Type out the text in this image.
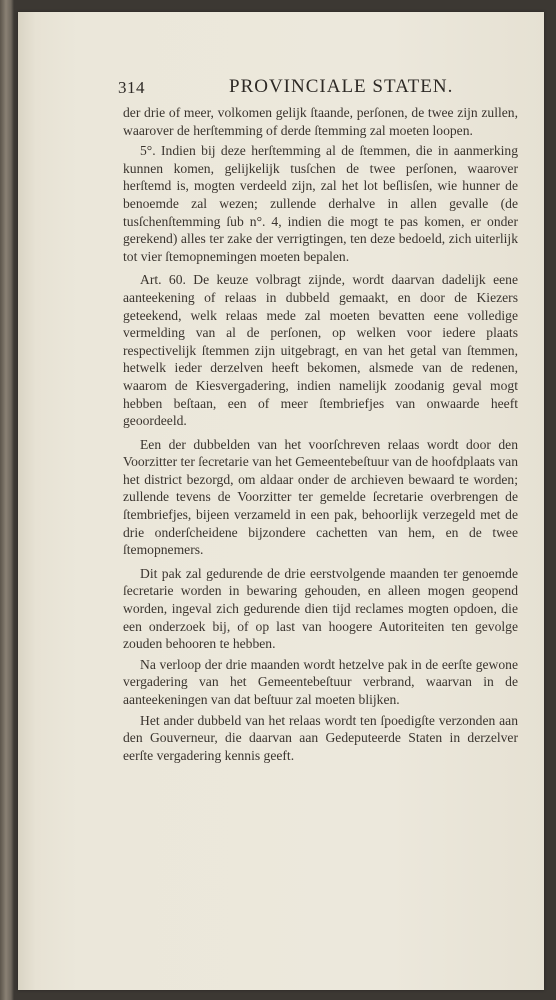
314	PROVINCIALE STATEN.

der drie of meer, volkomen gelijk ſtaande, perſonen, de twee zijn zullen, waarover de herſtemming of derde ſtemming zal moeten loopen.

5°. Indien bij deze herſtemming al de ſtemmen, die in aanmerking kunnen komen, gelijkelijk tusſchen de twee perſonen, waarover herſtemd is, mogten verdeeld zijn, zal het lot beſlisſen, wie hunner de benoemde zal wezen; zullende derhalve in allen gevalle (de tusſchenſtemming ſub n°. 4, indien die mogt te pas komen, er onder gerekend) alles ter zake der verrigtingen, ten deze bedoeld, zich uiterlijk tot vier ſtemopnemingen moeten bepalen.

Art. 60. De keuze volbragt zijnde, wordt daarvan dadelijk eene aanteekening of relaas in dubbeld gemaakt, en door de Kiezers geteekend, welk relaas mede zal moeten bevatten eene volledige vermelding van al de perſonen, op welken voor iedere plaats respectivelijk ſtemmen zijn uitgebragt, en van het getal van ſtemmen, hetwelk ieder derzelven heeft bekomen, alsmede van de redenen, waarom de Kiesvergadering, indien namelijk zoodanig geval mogt hebben beſtaan, een of meer ſtembriefjes van onwaarde heeft geoordeeld.

Een der dubbelden van het voorſchreven relaas wordt door den Voorzitter ter ſecretarie van het Gemeentebeſtuur van de hoofdplaats van het district bezorgd, om aldaar onder de archieven bewaard te worden; zullende tevens de Voorzitter ter gemelde ſecretarie overbrengen de ſtembriefjes, bijeen verzameld in een pak, behoorlijk verzegeld met de drie onderſcheidene bijzondere cachetten van hem, en de twee ſtemopnemers.

Dit pak zal gedurende de drie eerstvolgende maanden ter genoemde ſecretarie worden in bewaring gehouden, en alleen mogen geopend worden, ingeval zich gedurende dien tijd reclames mogten opdoen, die een onderzoek bij, of op last van hoogere Autoriteiten ten gevolge zouden behooren te hebben.

Na verloop der drie maanden wordt hetzelve pak in de eerſte gewone vergadering van het Gemeentebeſtuur verbrand, waarvan in de aanteekeningen van dat beſtuur zal moeten blijken.

Het ander dubbeld van het relaas wordt ten ſpoedigſte verzonden aan den Gouverneur, die daarvan aan Gedeputeerde Staten in derzelver eerſte vergadering kennis geeft.
